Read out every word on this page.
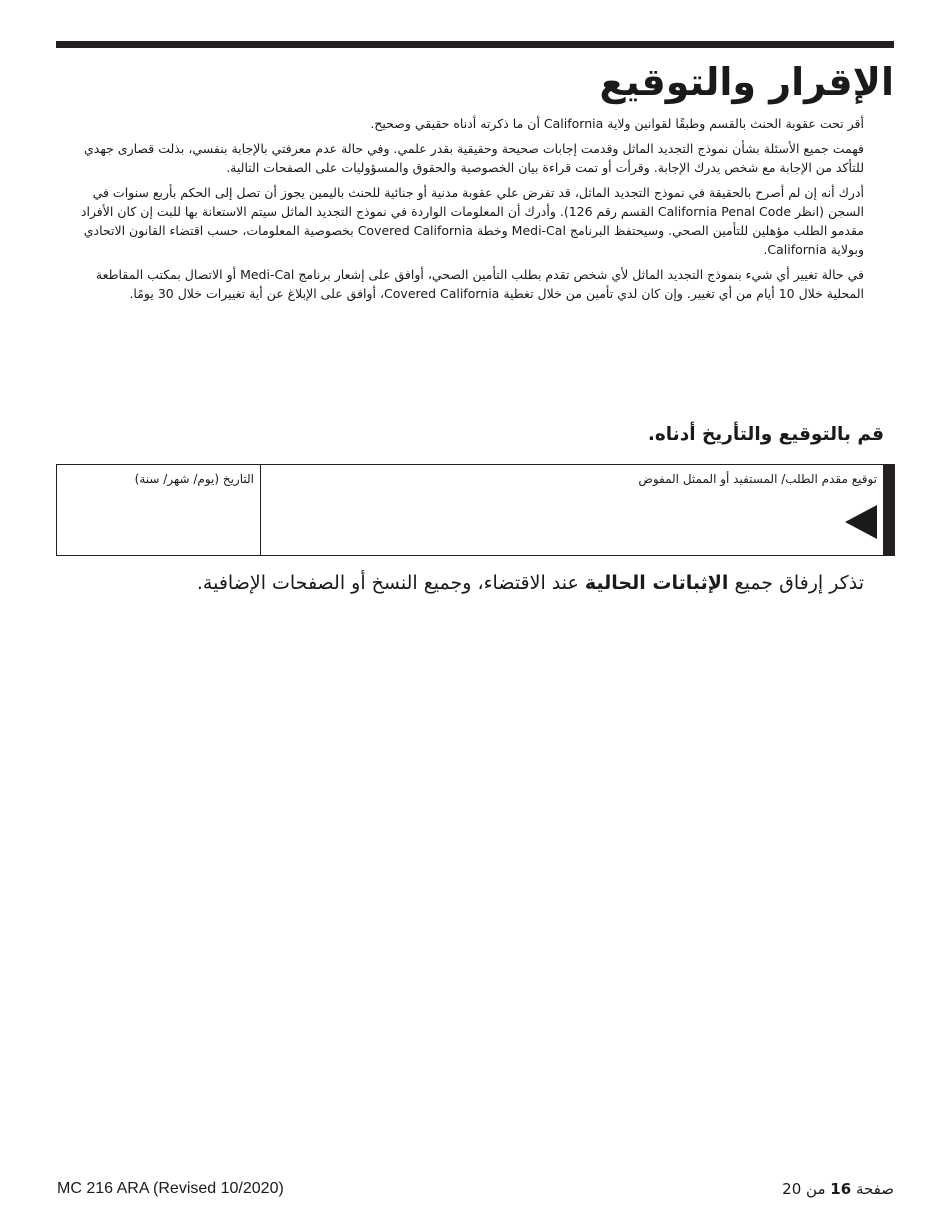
الإقرار والتوقيع

أقر تحت عقوبة الحنث بالقسم وطبقًا لقوانين ولاية California أن ما ذكرته أدناه حقيقي وصحيح.

فهمت جميع الأسئلة بشأن نموذج التجديد الماثل وقدمت إجابات صحيحة وحقيقية بقدر علمي. وفي حالة عدم معرفتي بالإجابة بنفسي، بذلت قصارى جهدي للتأكد من الإجابة مع شخص يدرك الإجابة. وقرأت أو تمت قراءة بيان الخصوصية والحقوق والمسؤوليات على الصفحات التالية.

أدرك أنه إن لم أصرح بالحقيقة في نموذج التجديد الماثل، قد تفرض علي عقوبة مدنية أو جنائية للحنث باليمين يجوز أن تصل إلى الحكم بأربع سنوات في السجن (انظر California Penal Code القسم رقم 126). وأدرك أن المعلومات الواردة في نموذج التجديد الماثل سيتم الاستعانة بها للبت إن كان الأفراد مقدمو الطلب مؤهلين للتأمين الصحي. وسيحتفظ البرنامج Medi-Cal وخطة Covered California بخصوصية المعلومات، حسب اقتضاء القانون الاتحادي وبولاية California.

في حالة تغيير أي شيء بنموذج التجديد الماثل لأي شخص تقدم بطلب التأمين الصحي، أوافق على إشعار برنامج Medi-Cal أو الاتصال بمكتب المقاطعة المحلية خلال 10 أيام من أي تغيير. وإن كان لدي تأمين من خلال تغطية Covered California، أوافق على الإبلاغ عن أية تغييرات خلال 30 يومًا.

قم بالتوقيع والتأريخ أدناه.

توقيع مقدم الطلب/ المستفيد أو الممثل المفوض

التاريخ (يوم/ شهر/ سنة)

تذكر إرفاق جميع الإثباتات الحالية عند الاقتضاء، وجميع النسخ أو الصفحات الإضافية.

MC 216 ARA (Revised 10/2020)	صفحة 16 من 20
